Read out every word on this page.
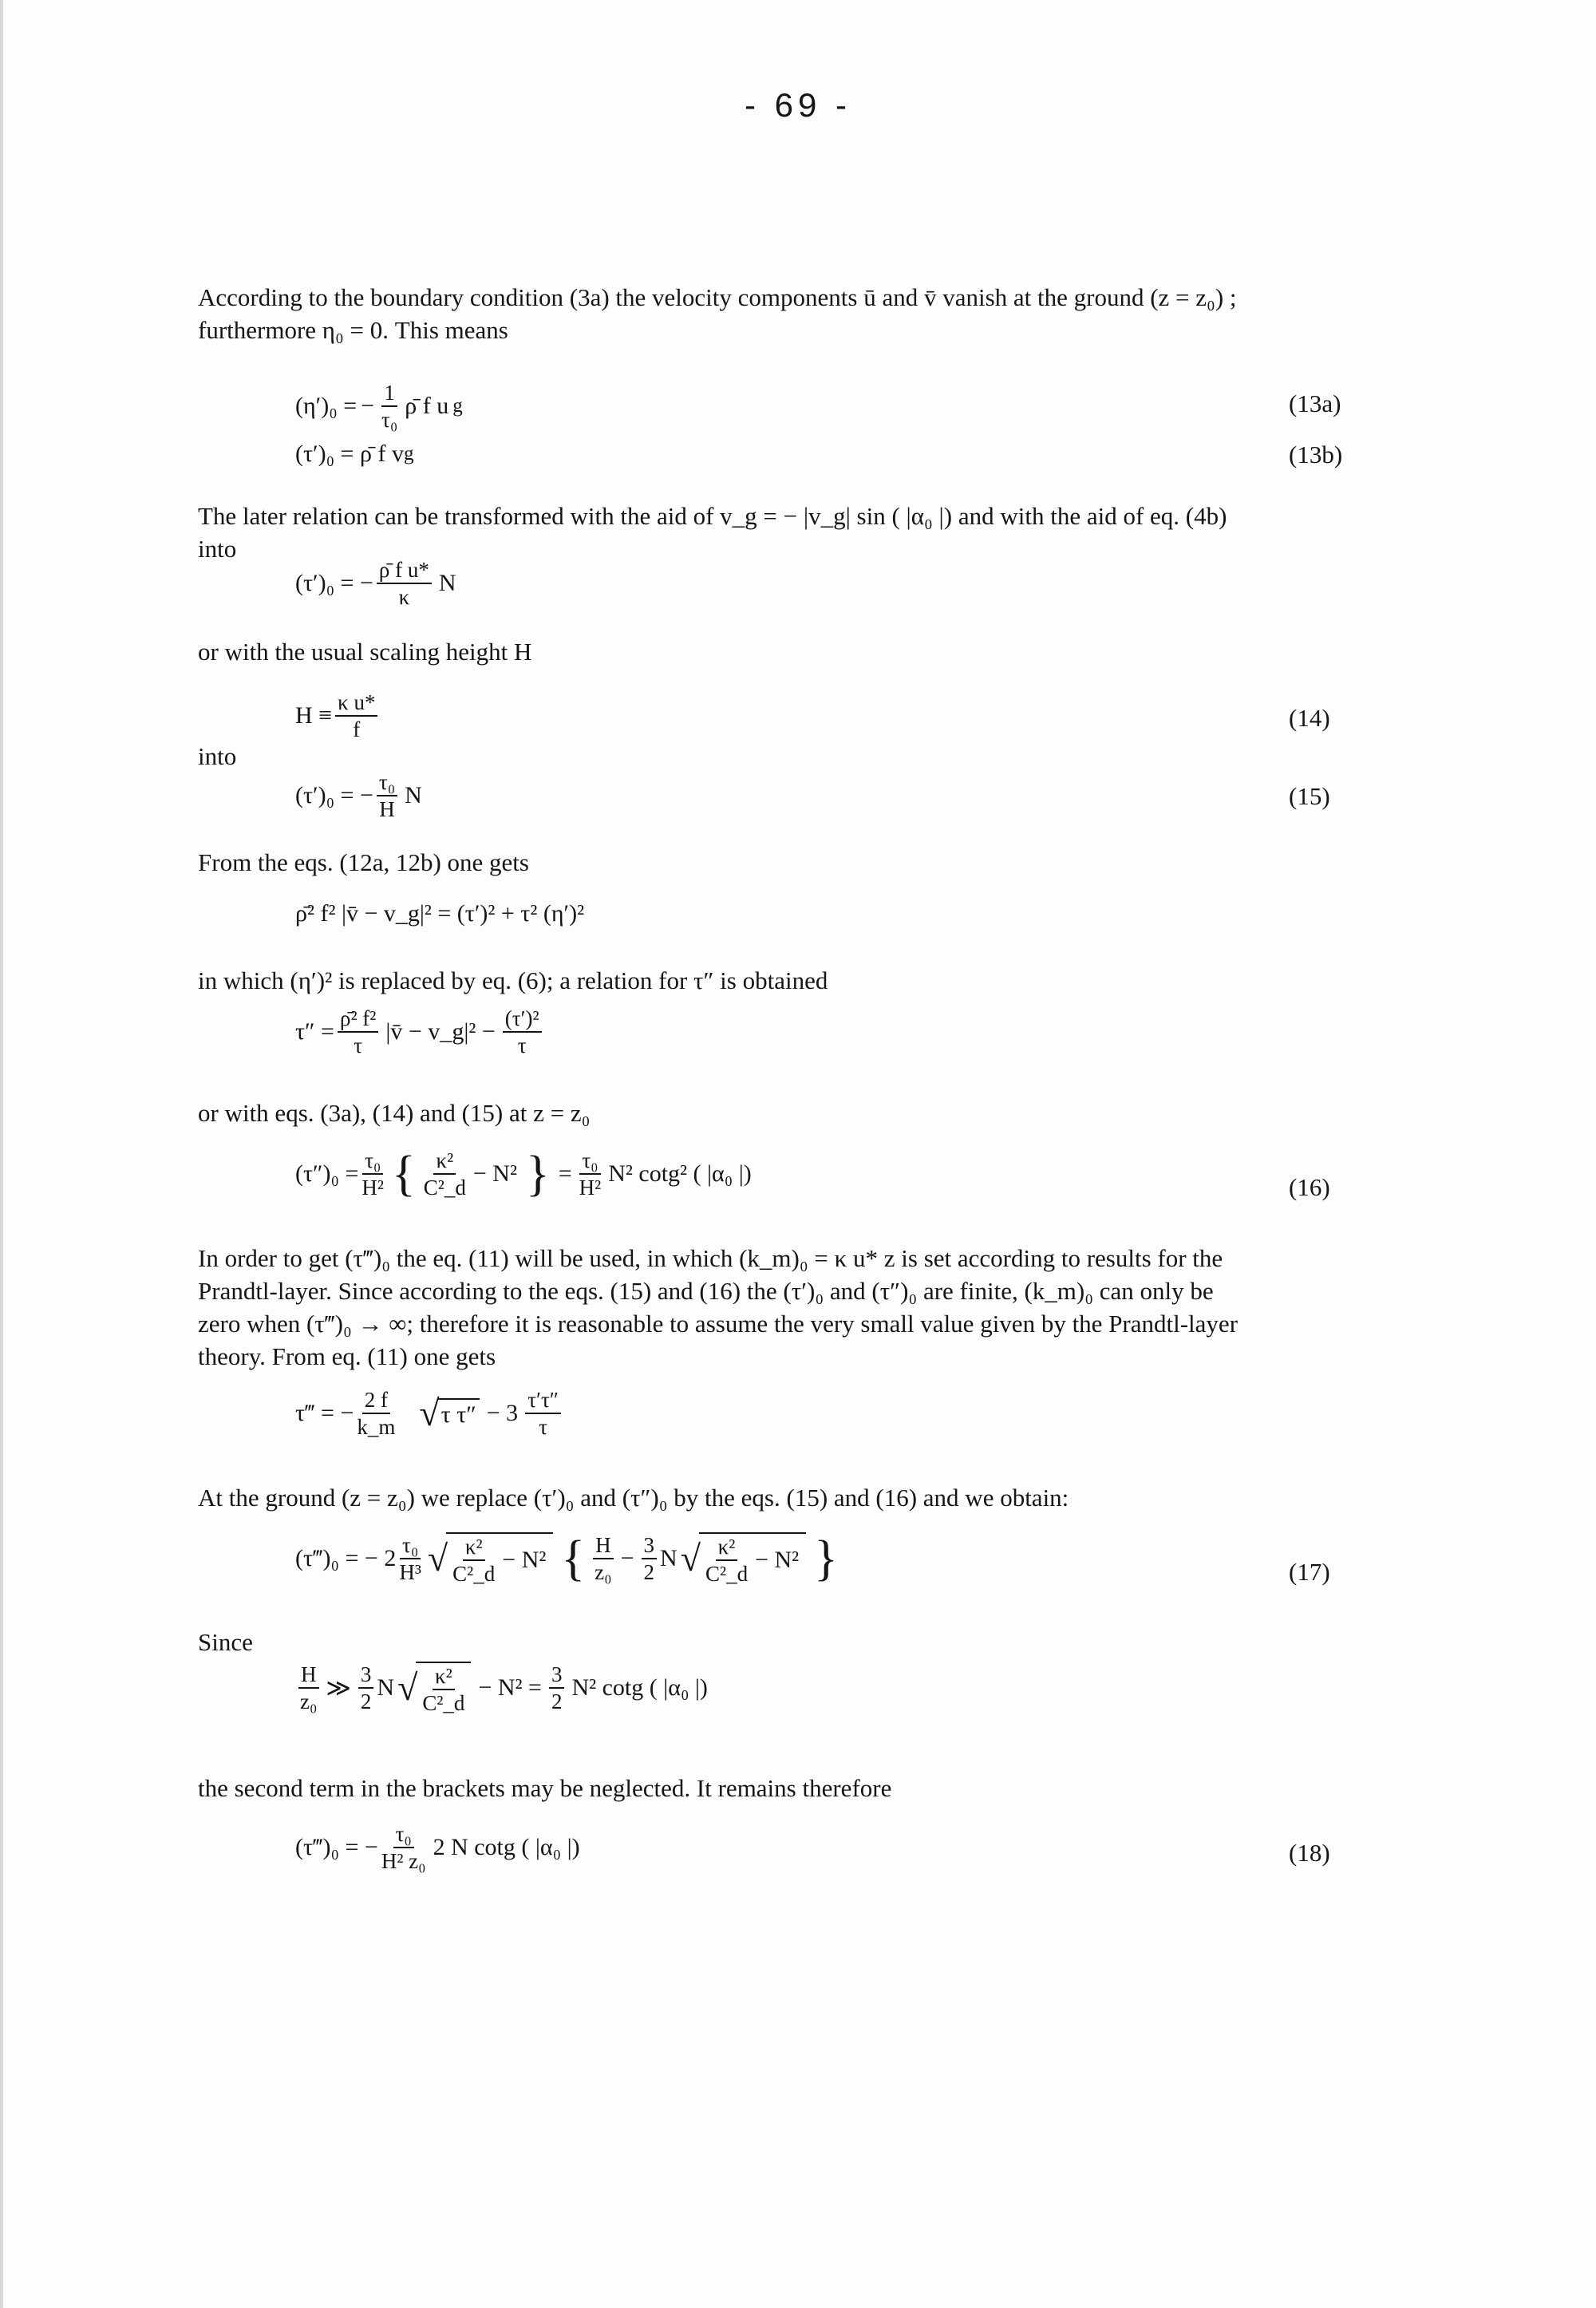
- 69 -
According to the boundary condition (3a) the velocity components ū and v̄ vanish at the ground (z = z₀) ;
furthermore η₀ = 0. This means
(η′)₀ = − $\frac{1}{\text{τ₀}}$ ρ̄ f u g	(13a)
(τ′)₀ = ρ̄ f v g	(13b)
The later relation can be transformed with the aid of v_g = − |v_g| sin ( |α₀ |) and with the aid of eq. (4b)
into
(τ′)₀ = − $\frac{\text{ρ̄ f u*}}{\kappa}$ N
or with the usual scaling height H
$H \equiv \frac{\text{κ u*}}{f}$	(14)
into
(τ′)₀ = − $\frac{\text{τ₀}}{H}$ N	(15)
From the eqs. (12a, 12b) one gets
ρ̄² f² |v̄ − v_g|² = (τ′)² + τ² (η′)²
in which (η′)² is replaced by eq. (6); a relation for τ″ is obtained
$\tau'' = \frac{\text{ρ̄² f²}}{\tau}$ |v̄ − v_g|² − $\frac{\text{(τ′)²}}{\tau}$
or with eqs. (3a), (14) and (15) at z = z₀
$(\tau'')_0 = \frac{\text{τ₀}}{\text{H²}}$ { $\frac{\text{κ²}}{\text{C²\_d}} - N^2$ } = $\frac{\text{τ₀}}{\text{H²}} N^2$ cotg² ( |α₀ |)	(16)
In order to get (τ‴)₀ the eq. (11) will be used, in which (k_m)₀ = κ u* z is set according to results for the
Prandtl-layer. Since according to the eqs. (15) and (16) the (τ′)₀ and (τ″)₀ are finite, (k_m)₀ can only be
zero when (τ‴)₀ → ∞; therefore it is reasonable to assume the very small value given by the Prandtl-layer
theory. From eq. (11) one gets
τ‴ = − $\frac{2 f}{k\_m}$ √ τ $\tau'' - 3 \frac{\tau'\tau''}{\tau}$
At the ground (z = z₀) we replace (τ′)₀ and (τ″)₀ by the eqs. (15) and (16) and we obtain:
(τ‴)₀ = − $2 \frac{\text{τ₀}}{\text{H³}}$ √ $\frac{\text{κ²}}{\text{C²\_d}} - N^2$ { $\frac{H}{\text{z₀}} - \frac{3}{2}$ N √ $\frac{\text{κ²}}{\text{C²\_d}} - N^2$ }	(17)
Since
$\frac{H}{\text{z₀}}$ ≫ $\frac{3}{2}$ N √ $\frac{\text{κ²}}{\text{C²\_d}} - N^2 = \frac{3}{2} N^2$ cotg ( |α₀ |)
the second term in the brackets may be neglected. It remains therefore
(τ‴)₀ = − $\frac{\text{τ₀}}{\text{H² z₀}} 2$ N cotg ( |α₀ |)	(18)
